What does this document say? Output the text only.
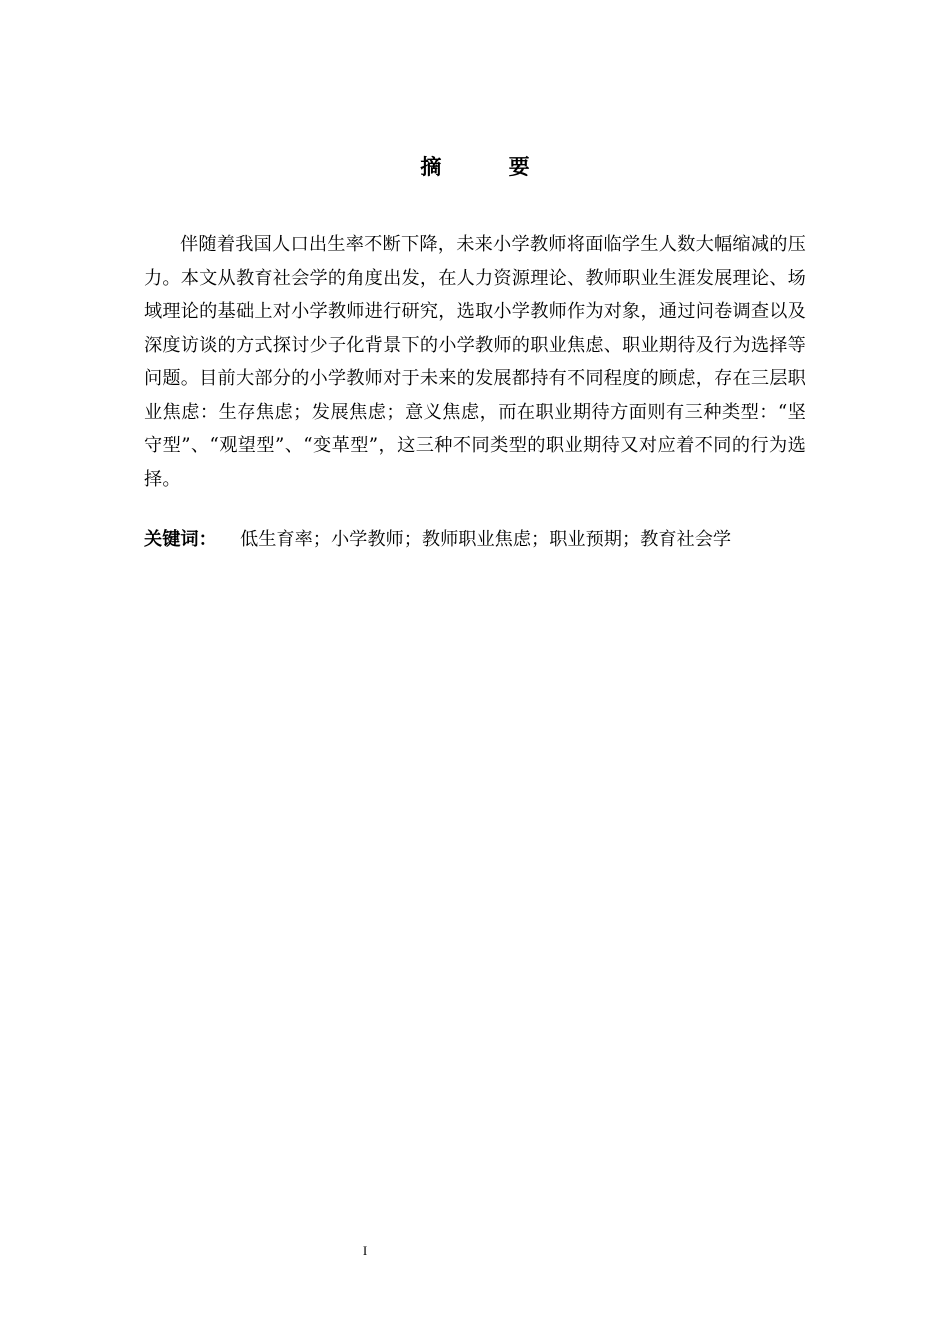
摘 要
伴随着我国人口出生率不断下降，未来小学教师将面临学生人数大幅缩减的压力。本文从教育社会学的角度出发，在人力资源理论、教师职业生涯发展理论、场域理论的基础上对小学教师进行研究，选取小学教师作为对象，通过问卷调查以及深度访谈的方式探讨少子化背景下的小学教师的职业焦虑、职业期待及行为选择等问题。目前大部分的小学教师对于未来的发展都持有不同程度的顾虑，存在三层职业焦虑：生存焦虑；发展焦虑；意义焦虑，而在职业期待方面则有三种类型：“坚守型”、“观望型”、“变革型”，这三种不同类型的职业期待又对应着不同的行为选择。
关键词： 低生育率；小学教师；教师职业焦虑；职业预期；教育社会学
I
